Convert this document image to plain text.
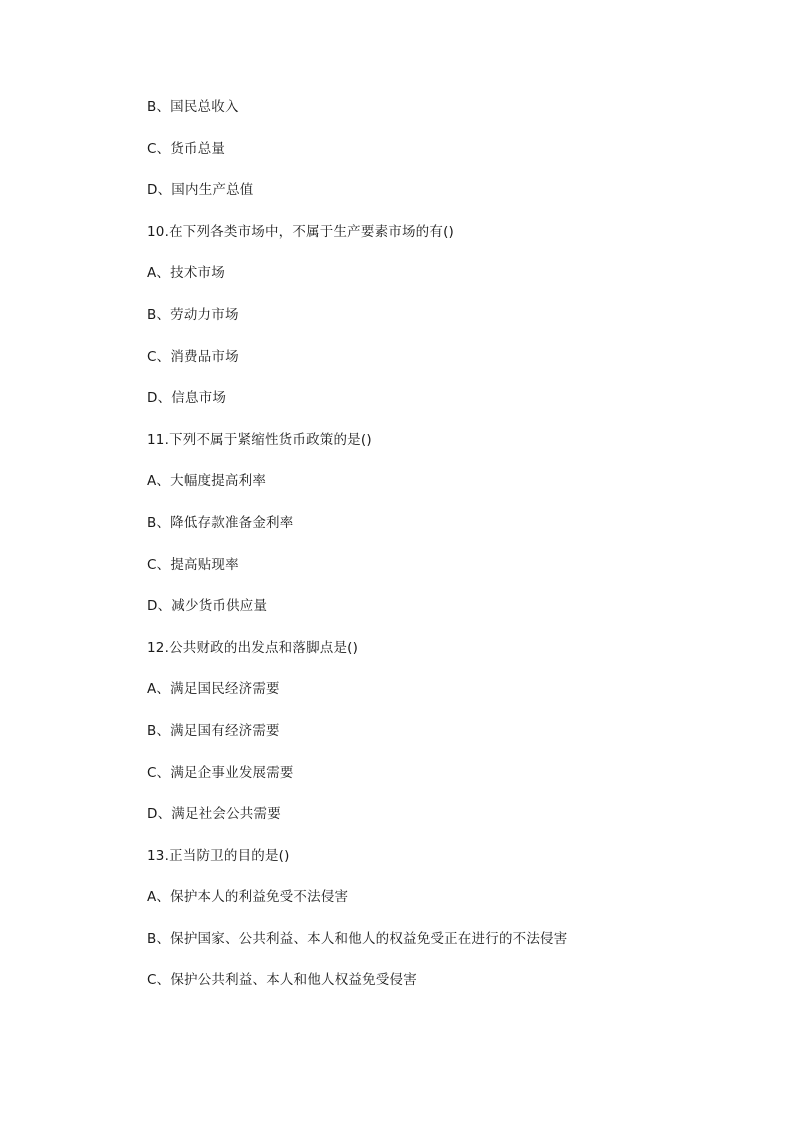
B、国民总收入
C、货币总量
D、国内生产总值
10.在下列各类市场中，不属于生产要素市场的有()
A、技术市场
B、劳动力市场
C、消费品市场
D、信息市场
11.下列不属于紧缩性货币政策的是()
A、大幅度提高利率
B、降低存款准备金利率
C、提高贴现率
D、减少货币供应量
12.公共财政的出发点和落脚点是()
A、满足国民经济需要
B、满足国有经济需要
C、满足企事业发展需要
D、满足社会公共需要
13.正当防卫的目的是()
A、保护本人的利益免受不法侵害
B、保护国家、公共利益、本人和他人的权益免受正在进行的不法侵害
C、保护公共利益、本人和他人权益免受侵害
